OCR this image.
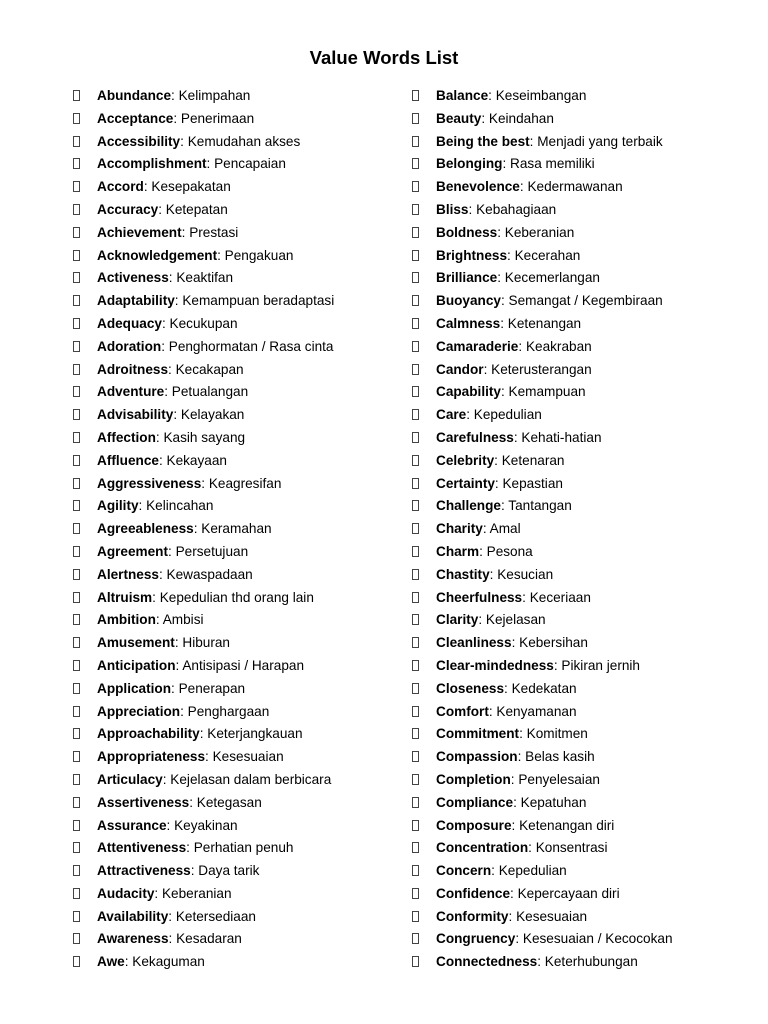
Value Words List
Abundance: Kelimpahan
Acceptance: Penerimaan
Accessibility: Kemudahan akses
Accomplishment: Pencapaian
Accord: Kesepakatan
Accuracy: Ketepatan
Achievement: Prestasi
Acknowledgement: Pengakuan
Activeness: Keaktifan
Adaptability: Kemampuan beradaptasi
Adequacy: Kecukupan
Adoration: Penghormatan / Rasa cinta
Adroitness: Kecakapan
Adventure: Petualangan
Advisability: Kelayakan
Affection: Kasih sayang
Affluence: Kekayaan
Aggressiveness: Keagresifan
Agility: Kelincahan
Agreeableness: Keramahan
Agreement: Persetujuan
Alertness: Kewaspadaan
Altruism: Kepedulian thd orang lain
Ambition: Ambisi
Amusement: Hiburan
Anticipation: Antisipasi / Harapan
Application: Penerapan
Appreciation: Penghargaan
Approachability: Keterjangkauan
Appropriateness: Kesesuaian
Articulacy: Kejelasan dalam berbicara
Assertiveness: Ketegasan
Assurance: Keyakinan
Attentiveness: Perhatian penuh
Attractiveness: Daya tarik
Audacity: Keberanian
Availability: Ketersediaan
Awareness: Kesadaran
Awe: Kekaguman
Balance: Keseimbangan
Beauty: Keindahan
Being the best: Menjadi yang terbaik
Belonging: Rasa memiliki
Benevolence: Kedermawanan
Bliss: Kebahagiaan
Boldness: Keberanian
Brightness: Kecerahan
Brilliance: Kecemerlangan
Buoyancy: Semangat / Kegembiraan
Calmness: Ketenangan
Camaraderie: Keakraban
Candor: Keterusterangan
Capability: Kemampuan
Care: Kepedulian
Carefulness: Kehati-hatian
Celebrity: Ketenaran
Certainty: Kepastian
Challenge: Tantangan
Charity: Amal
Charm: Pesona
Chastity: Kesucian
Cheerfulness: Keceriaan
Clarity: Kejelasan
Cleanliness: Kebersihan
Clear-mindedness: Pikiran jernih
Closeness: Kedekatan
Comfort: Kenyamanan
Commitment: Komitmen
Compassion: Belas kasih
Completion: Penyelesaian
Compliance: Kepatuhan
Composure: Ketenangan diri
Concentration: Konsentrasi
Concern: Kepedulian
Confidence: Kepercayaan diri
Conformity: Kesesuaian
Congruency: Kesesuaian / Kecocokan
Connectedness: Keterhubungan
